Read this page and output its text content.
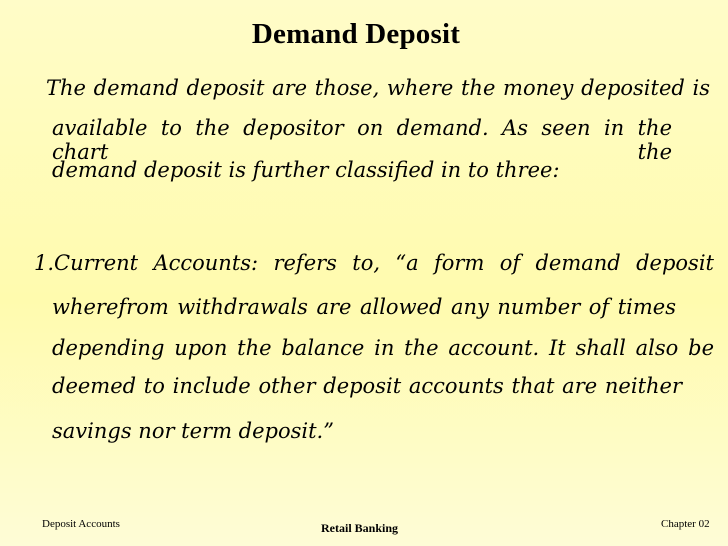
Demand Deposit
The demand deposit are those, where the money deposited is
available to the depositor on demand. As seen in the chart the
demand deposit is further classified in to three:
1.Current Accounts: refers to, “a form of demand deposit
wherefrom withdrawals are allowed any number of times
depending upon the balance in the account. It shall also be
deemed to include other deposit accounts that are neither
savings nor term deposit.”
Deposit Accounts	Retail Banking	Chapter 02
